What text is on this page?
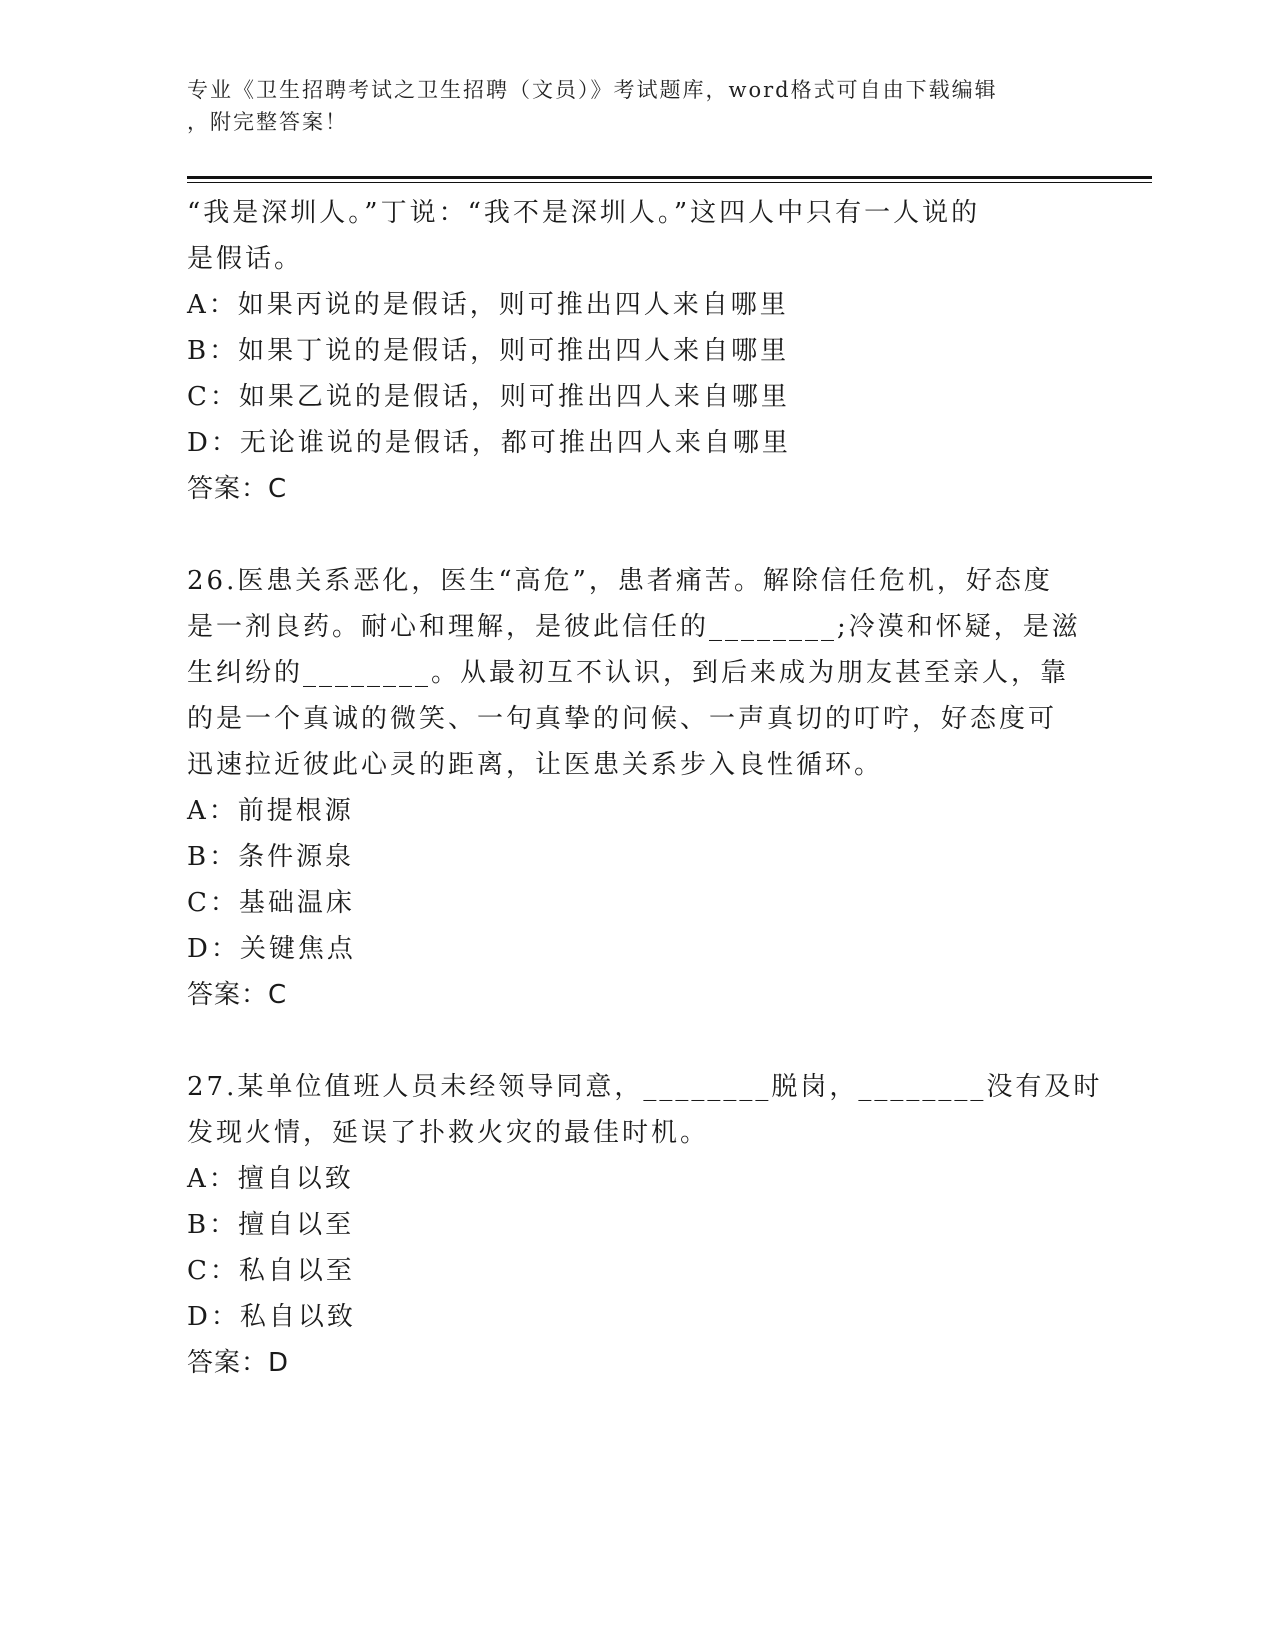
专业《卫生招聘考试之卫生招聘（文员）》考试题库，word格式可自由下载编辑
，附完整答案！
“我是深圳人。”丁说：“我不是深圳人。”这四人中只有一人说的
是假话。
A：如果丙说的是假话，则可推出四人来自哪里
B：如果丁说的是假话，则可推出四人来自哪里
C：如果乙说的是假话，则可推出四人来自哪里
D：无论谁说的是假话，都可推出四人来自哪里
答案：C
26.医患关系恶化，医生“高危”，患者痛苦。解除信任危机，好态度
是一剂良药。耐心和理解，是彼此信任的________;冷漠和怀疑，是滋
生纠纷的________。从最初互不认识，到后来成为朋友甚至亲人，靠
的是一个真诚的微笑、一句真挚的问候、一声真切的叮咛，好态度可
迅速拉近彼此心灵的距离，让医患关系步入良性循环。
A：前提根源
B：条件源泉
C：基础温床
D：关键焦点
答案：C
27.某单位值班人员未经领导同意，________脱岗，________没有及时
发现火情，延误了扑救火灾的最佳时机。
A：擅自以致
B：擅自以至
C：私自以至
D：私自以致
答案：D
